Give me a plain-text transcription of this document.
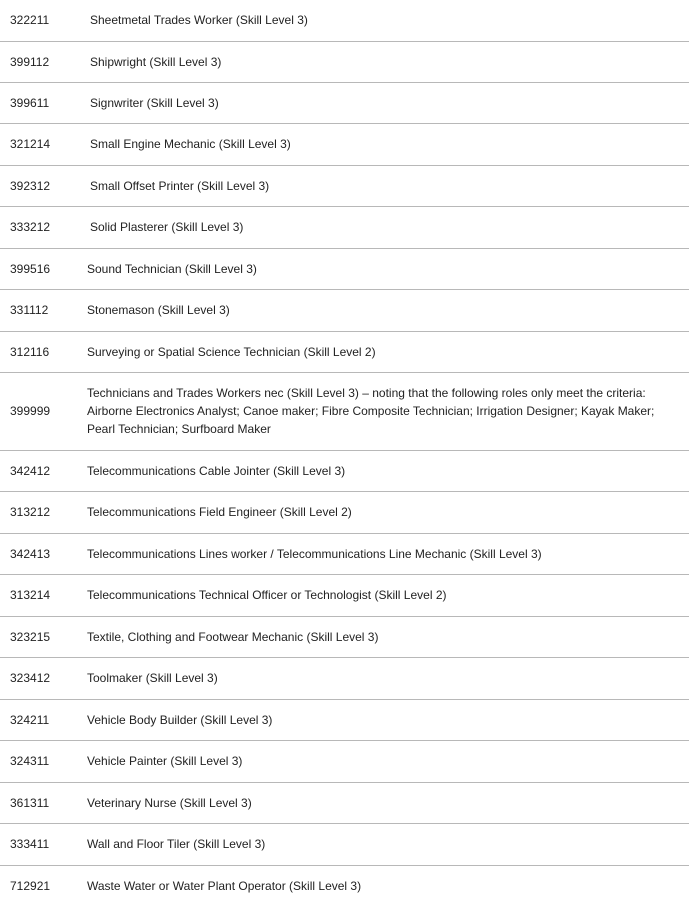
322211	Sheetmetal Trades Worker (Skill Level 3)
399112	Shipwright (Skill Level 3)
399611	Signwriter (Skill Level 3)
321214	Small Engine Mechanic (Skill Level 3)
392312	Small Offset Printer (Skill Level 3)
333212	Solid Plasterer (Skill Level 3)
399516	Sound Technician (Skill Level 3)
331112	Stonemason (Skill Level 3)
312116	Surveying or Spatial Science Technician (Skill Level 2)
399999	Technicians and Trades Workers nec (Skill Level 3) – noting that the following roles only meet the criteria: Airborne Electronics Analyst; Canoe maker; Fibre Composite Technician; Irrigation Designer; Kayak Maker; Pearl Technician; Surfboard Maker
342412	Telecommunications Cable Jointer (Skill Level 3)
313212	Telecommunications Field Engineer (Skill Level 2)
342413	Telecommunications Lines worker / Telecommunications Line Mechanic (Skill Level 3)
313214	Telecommunications Technical Officer or Technologist (Skill Level 2)
323215	Textile, Clothing and Footwear Mechanic (Skill Level 3)
323412	Toolmaker (Skill Level 3)
324211	Vehicle Body Builder (Skill Level 3)
324311	Vehicle Painter (Skill Level 3)
361311	Veterinary Nurse (Skill Level 3)
333411	Wall and Floor Tiler (Skill Level 3)
712921	Waste Water or Water Plant Operator (Skill Level 3)
